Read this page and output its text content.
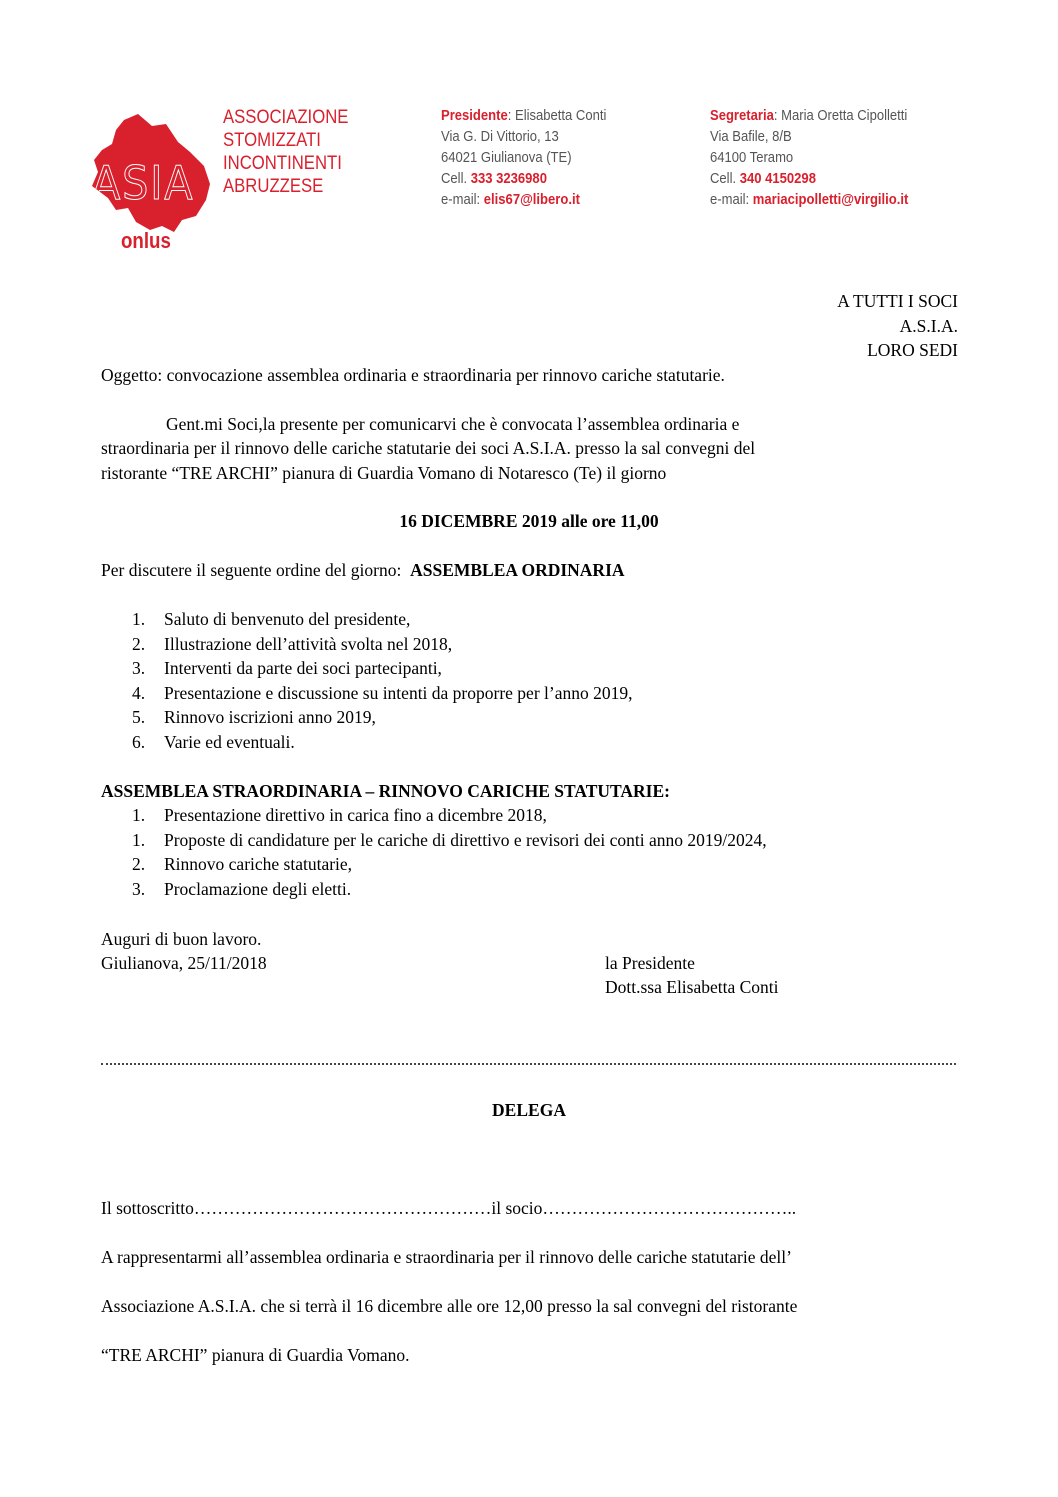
ASIA
onlus
ASSOCIAZIONE
STOMIZZATI
INCONTINENTI
ABRUZZESE
Presidente: Elisabetta Conti
Via G. Di Vittorio, 13
64021 Giulianova (TE)
Cell. 333 3236980
e-mail: elis67@libero.it
Segretaria: Maria Oretta Cipolletti
Via Bafile, 8/B
64100 Teramo
Cell. 340 4150298
e-mail: mariacipolletti@virgilio.it
A TUTTI I SOCI
A.S.I.A.
LORO SEDI
Oggetto: convocazione assemblea ordinaria e straordinaria per rinnovo cariche statutarie.
Gent.mi Soci,la presente per comunicarvi che è convocata l’assemblea ordinaria e
straordinaria per il rinnovo delle cariche statutarie dei soci A.S.I.A. presso la sal convegni del
ristorante “TRE ARCHI” pianura di Guardia Vomano di Notaresco (Te) il giorno
16 DICEMBRE 2019 alle ore 11,00
Per discutere il seguente ordine del giorno: ASSEMBLEA ORDINARIA
1. Saluto di benvenuto del presidente,
2. Illustrazione dell’attività svolta nel 2018,
3. Interventi da parte dei soci partecipanti,
4. Presentazione e discussione su intenti da proporre per l’anno 2019,
5. Rinnovo iscrizioni anno 2019,
6. Varie ed eventuali.
ASSEMBLEA STRAORDINARIA – RINNOVO CARICHE STATUTARIE:
1. Presentazione direttivo in carica fino a dicembre 2018,
1. Proposte di candidature per le cariche di direttivo e revisori dei conti anno 2019/2024,
2. Rinnovo cariche statutarie,
3. Proclamazione degli eletti.
Auguri di buon lavoro.
Giulianova, 25/11/2018	la Presidente
Dott.ssa Elisabetta Conti
DELEGA
Il sottoscritto……………………………………………il socio……………………………………..
A rappresentarmi all’assemblea ordinaria e straordinaria per il rinnovo delle cariche statutarie dell’
Associazione A.S.I.A. che si terrà il 16 dicembre alle ore 12,00 presso la sal convegni del ristorante
“TRE ARCHI” pianura di Guardia Vomano.
